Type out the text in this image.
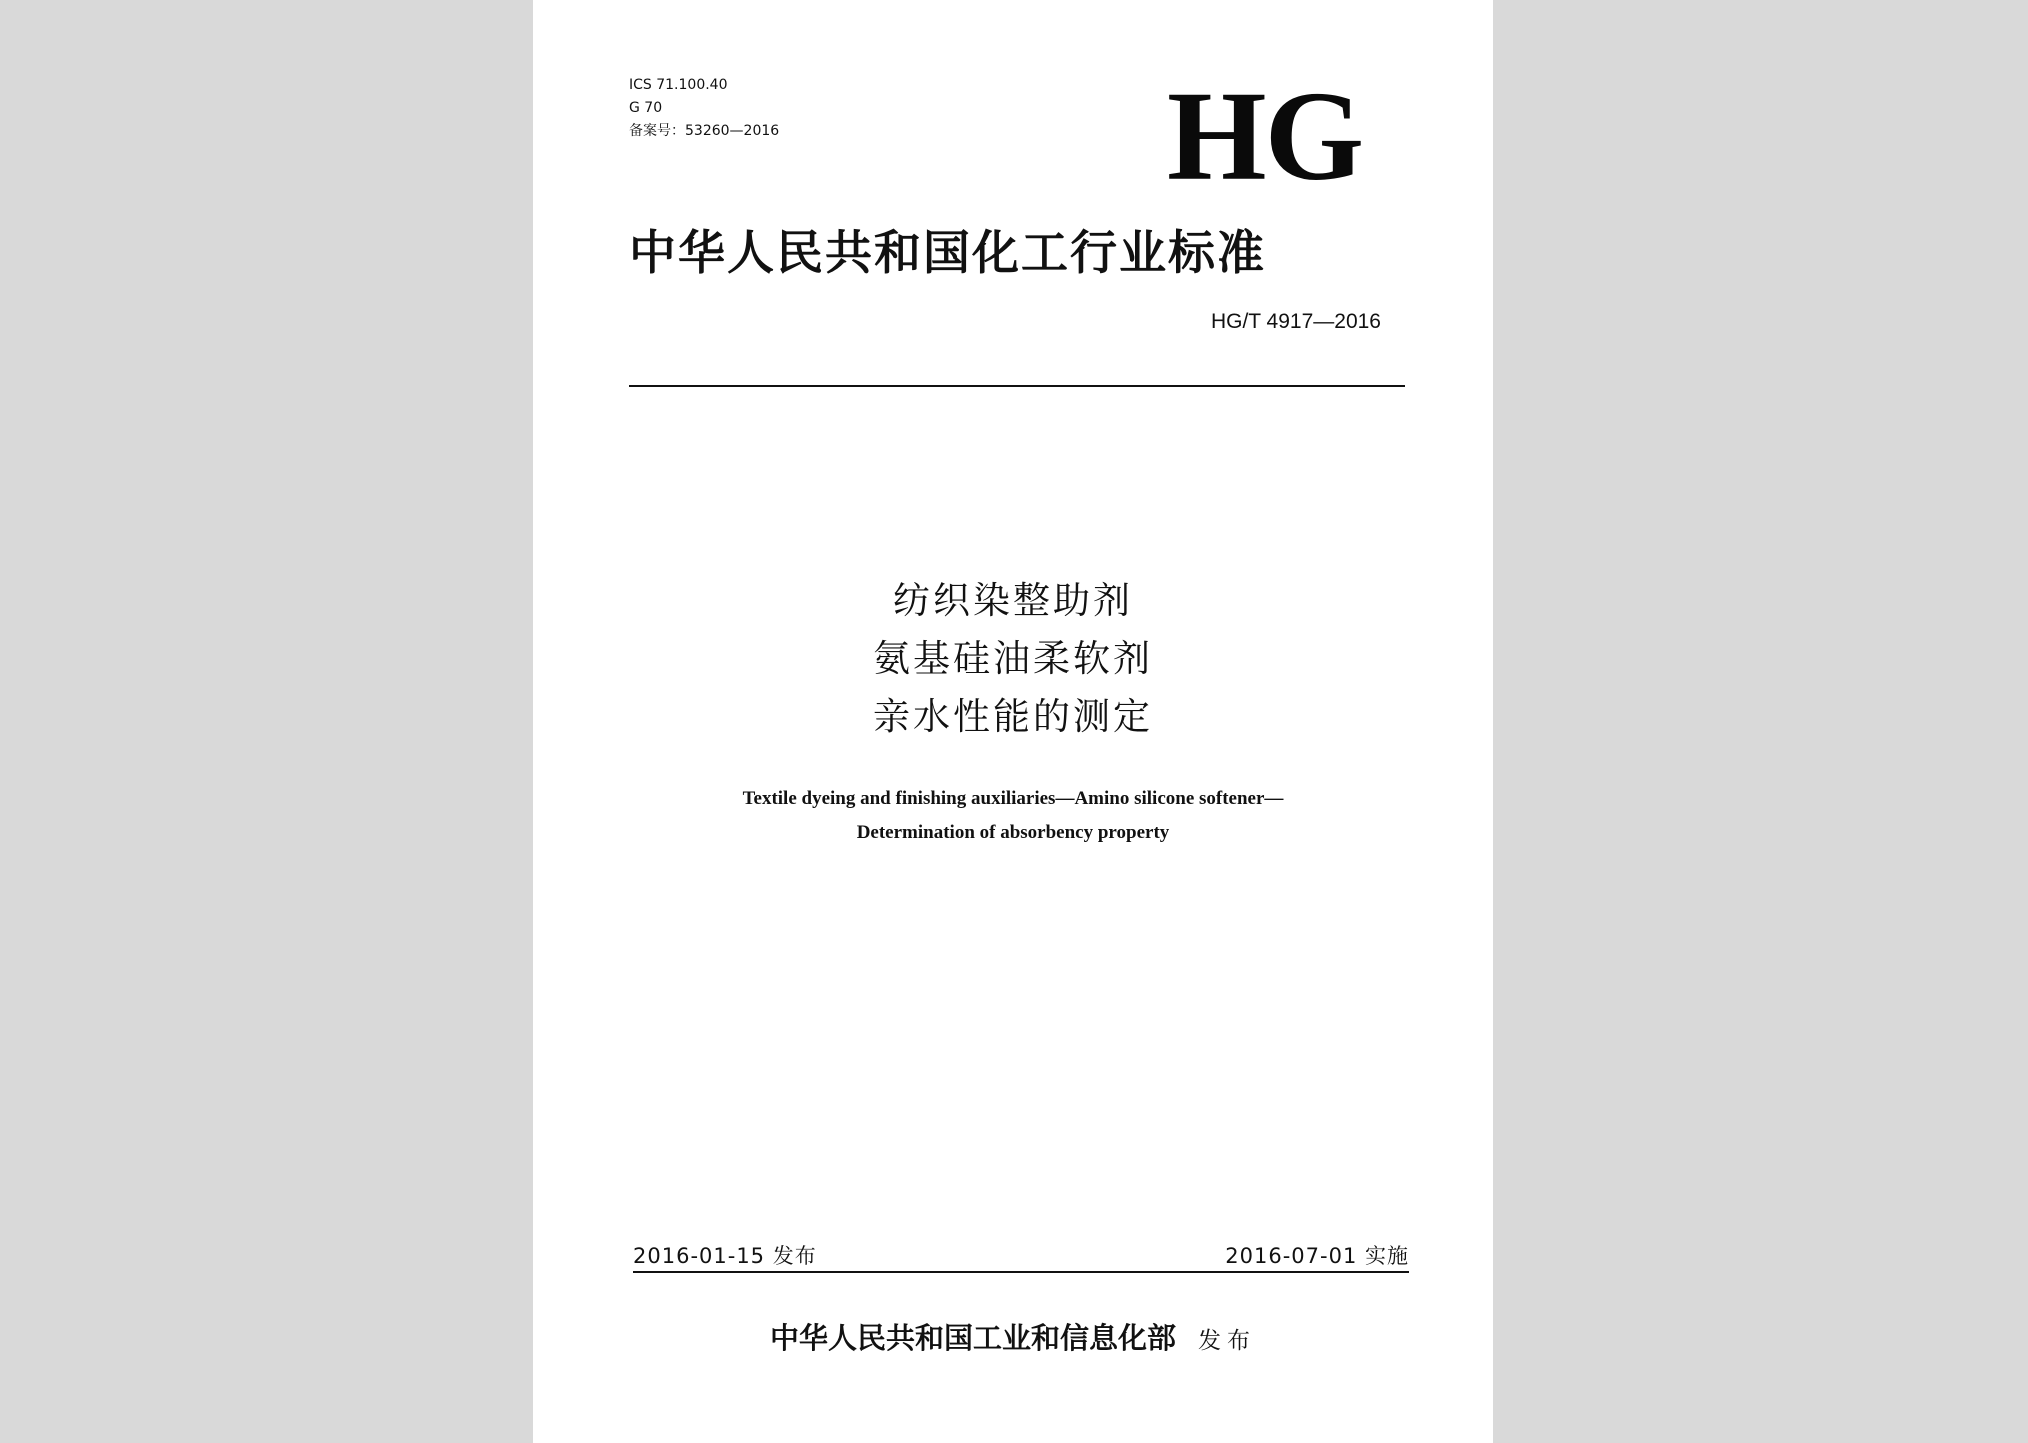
ICS 71.100.40
G 70
备案号：53260—2016	HG
中华人民共和国化工行业标准
HG/T 4917—2016
纺织染整助剂
氨基硅油柔软剂
亲水性能的测定
Textile dyeing and finishing auxiliaries—Amino silicone softener—
Determination of absorbency property
2016-01-15 发布	2016-07-01 实施
中华人民共和国工业和信息化部 发布
